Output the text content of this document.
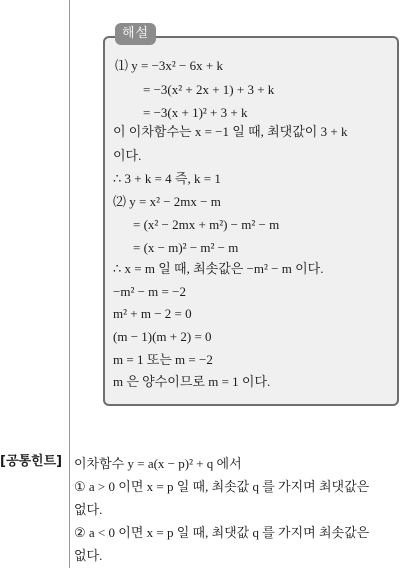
해설
⑴ y = −3x² − 6x + k
= −3(x² + 2x + 1) + 3 + k
= −3(x + 1)² + 3 + k
이 이차함수는 x = −1 일 때, 최댓값이 3 + k
이다.
∴ 3 + k = 4 즉, k = 1
⑵ y = x² − 2mx − m
= (x² − 2mx + m²) − m² − m
= (x − m)² − m² − m
∴ x = m 일 때, 최솟값은 −m² − m 이다.
−m² − m = −2
m² + m − 2 = 0
(m − 1)(m + 2) = 0
m = 1 또는 m = −2
m 은 양수이므로 m = 1 이다.
[공통힌트] 이차함수 y = a(x − p)² + q 에서
① a > 0 이면 x = p 일 때, 최솟값 q 를 가지며 최댓값은
없다.
② a < 0 이면 x = p 일 때, 최댓값 q 를 가지며 최솟값은
없다.
